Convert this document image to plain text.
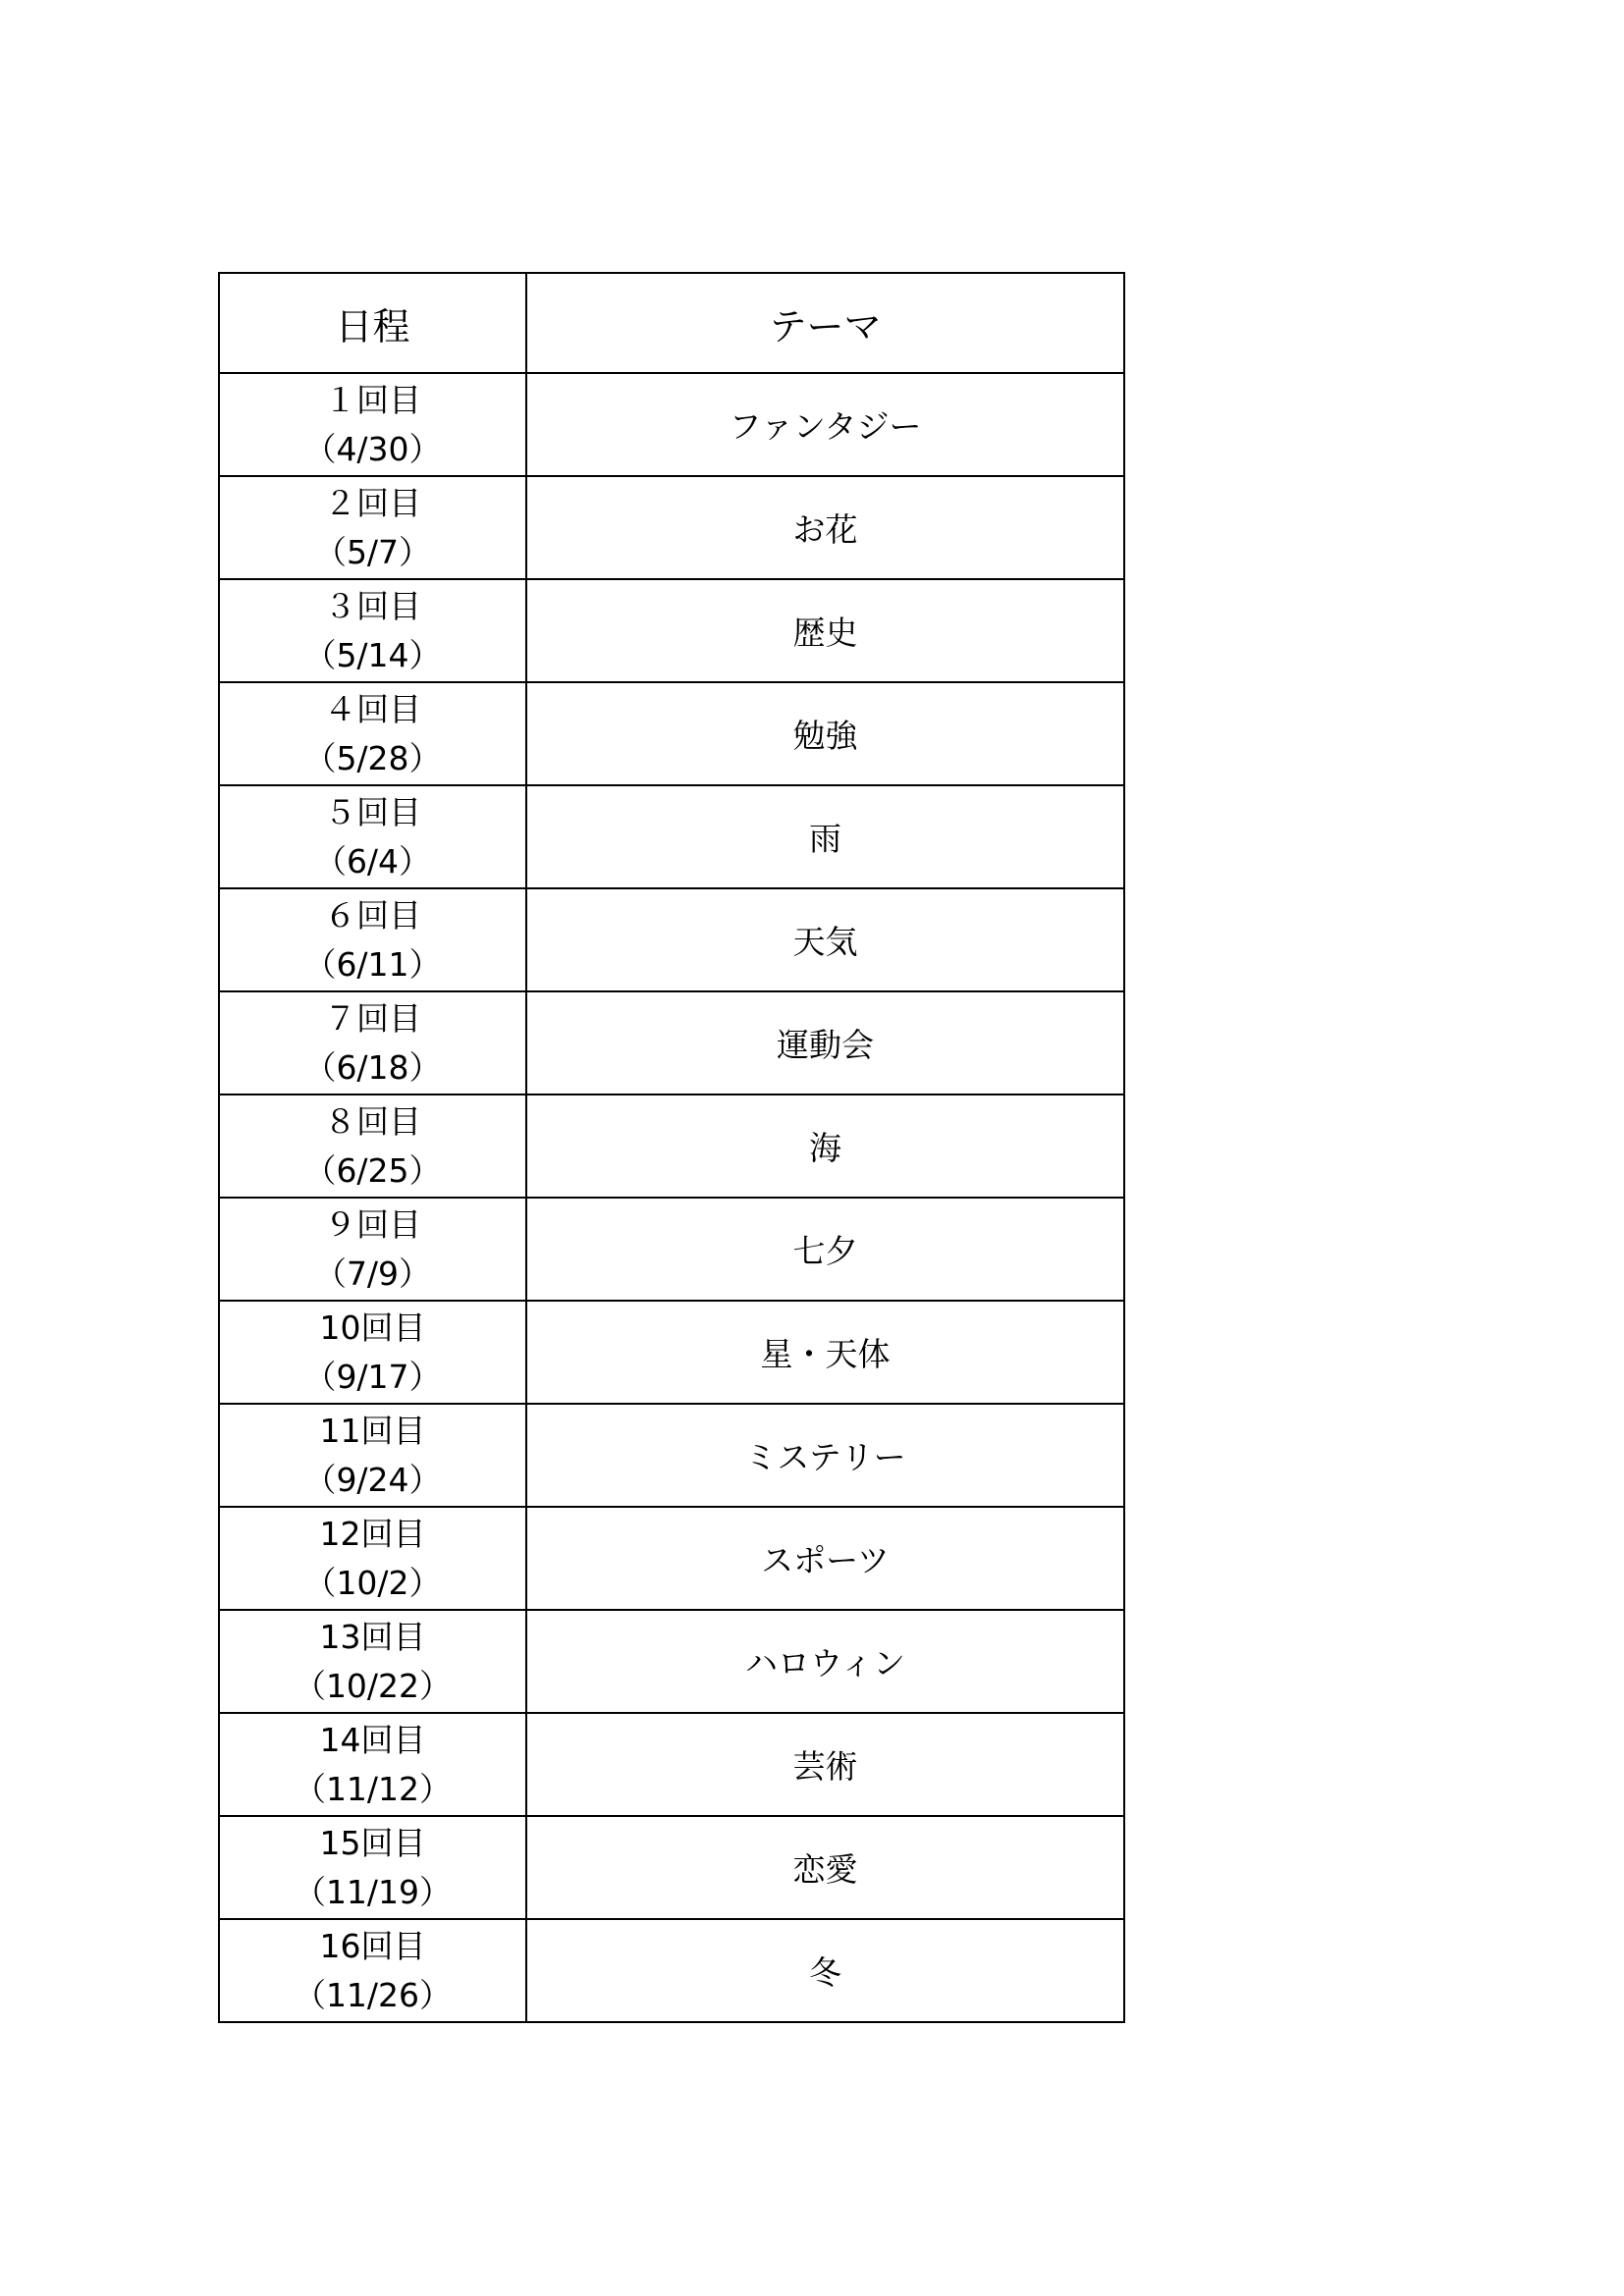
日程	テーマ

１回目
（4/30）	ファンタジー

２回目
（5/7）	お花

３回目
（5/14）	歴史

４回目
（5/28）	勉強

５回目
（6/4）	雨

６回目
（6/11）	天気

７回目
（6/18）	運動会

８回目
（6/25）	海

９回目
（7/9）	七夕

10回目
（9/17）	星・天体

11回目
（9/24）	ミステリー

12回目
（10/2）	スポーツ

13回目
（10/22）	ハロウィン

14回目
（11/12）	芸術

15回目
（11/19）	恋愛

16回目
（11/26）	冬
